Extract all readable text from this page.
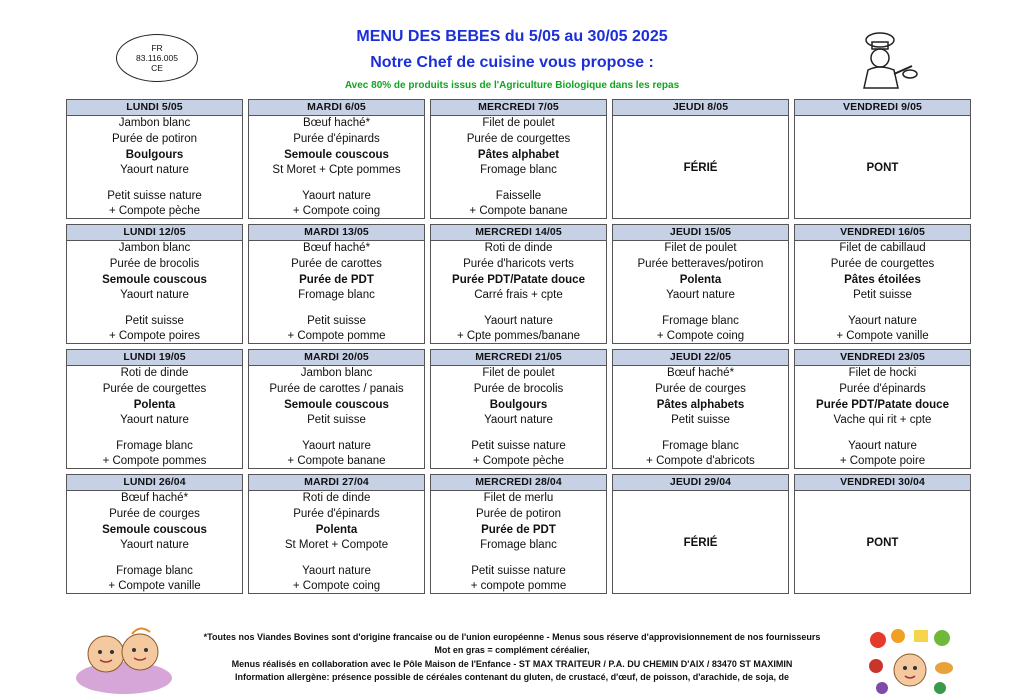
FR
83.116.005
CE
MENU DES BEBES du 5/05 au 30/05 2025
Notre Chef de cuisine vous propose :
Avec 80% de produits issus de l'Agriculture Biologique dans les repas
LUNDI 5/05
Jambon blanc
Purée de potiron
Boulgours
Yaourt nature
Petit suisse nature
+ Compote pèche
MARDI 6/05
Bœuf haché*
Purée d'épinards
Semoule couscous
St Moret + Cpte pommes
Yaourt nature
+ Compote coing
MERCREDI 7/05
Filet de poulet
Purée de courgettes
Pâtes alphabet
Fromage blanc
Faisselle
+ Compote banane
JEUDI 8/05
FÉRIÉ
VENDREDI 9/05
PONT
LUNDI 12/05
Jambon blanc
Purée de brocolis
Semoule couscous
Yaourt nature
Petit suisse
+ Compote poires
MARDI 13/05
Bœuf haché*
Purée de carottes
Purée de PDT
Fromage blanc
Petit suisse
+ Compote pomme
MERCREDI 14/05
Roti de dinde
Purée d'haricots verts
Purée PDT/Patate douce
Carré frais + cpte
Yaourt nature
+ Cpte pommes/banane
JEUDI 15/05
Filet de poulet
Purée betteraves/potiron
Polenta
Yaourt nature
Fromage blanc
+ Compote coing
VENDREDI 16/05
Filet de cabillaud
Purée de courgettes
Pâtes étoilées
Petit suisse
Yaourt nature
+ Compote vanille
LUNDI 19/05
Roti de dinde
Purée de courgettes
Polenta
Yaourt nature
Fromage blanc
+ Compote pommes
MARDI 20/05
Jambon blanc
Purée de carottes / panais
Semoule couscous
Petit suisse
Yaourt nature
+ Compote banane
MERCREDI 21/05
Filet de poulet
Purée de brocolis
Boulgours
Yaourt nature
Petit suisse nature
+ Compote pèche
JEUDI 22/05
Bœuf haché*
Purée de courges
Pâtes alphabets
Petit suisse
Fromage blanc
+ Compote d'abricots
VENDREDI 23/05
Filet de hocki
Purée d'épinards
Purée PDT/Patate douce
Vache qui rit + cpte
Yaourt nature
+ Compote poire
LUNDI 26/04
Bœuf haché*
Purée de courges
Semoule couscous
Yaourt nature
Fromage blanc
+ Compote vanille
MARDI 27/04
Roti de dinde
Purée d'épinards
Polenta
St Moret + Compote
Yaourt nature
+ Compote coing
MERCREDI 28/04
Filet de merlu
Purée de potiron
Purée de PDT
Fromage blanc
Petit suisse nature
+ compote pomme
JEUDI 29/04
FÉRIÉ
VENDREDI 30/04
PONT
*Toutes nos Viandes Bovines sont d'origine francaise ou de l'union européenne - Menus sous réserve d'approvisionnement de nos fournisseurs
Mot en gras = complément céréalier,
Menus réalisés en collaboration avec le Pôle Maison de l'Enfance - ST MAX TRAITEUR / P.A. DU CHEMIN D'AIX / 83470 ST MAXIMIN
Information allergène: présence possible de céréales contenant du gluten, de crustacé, d'œuf, de poisson, d'arachide, de soja, de
